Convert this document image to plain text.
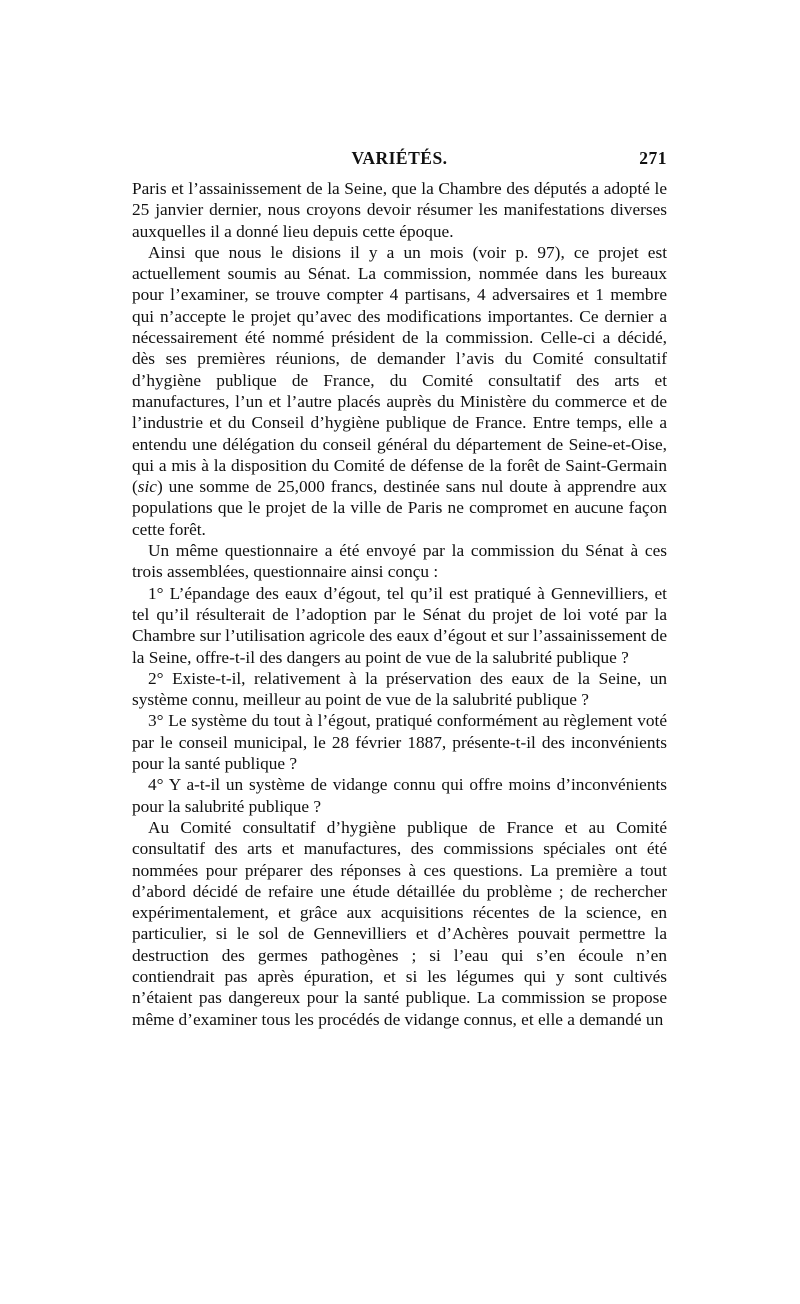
VARIÉTÉS.	271

Paris et l’assainissement de la Seine, que la Chambre des députés a adopté le 25 janvier dernier, nous croyons devoir résumer les manifestations diverses auxquelles il a donné lieu depuis cette époque.

Ainsi que nous le disions il y a un mois (voir p. 97), ce projet est actuellement soumis au Sénat. La commission, nommée dans les bureaux pour l’examiner, se trouve compter 4 partisans, 4 adversaires et 1 membre qui n’accepte le projet qu’avec des modifications importantes. Ce dernier a nécessairement été nommé président de la commission. Celle-ci a décidé, dès ses premières réunions, de demander l’avis du Comité consultatif d’hygiène publique de France, du Comité consultatif des arts et manufactures, l’un et l’autre placés auprès du Ministère du commerce et de l’industrie et du Conseil d’hygiène publique de France. Entre temps, elle a entendu une délégation du conseil général du département de Seine-et-Oise, qui a mis à la disposition du Comité de défense de la forêt de Saint-Germain (sic) une somme de 25,000 francs, destinée sans nul doute à apprendre aux populations que le projet de la ville de Paris ne compromet en aucune façon cette forêt.

Un même questionnaire a été envoyé par la commission du Sénat à ces trois assemblées, questionnaire ainsi conçu :

1° L’épandage des eaux d’égout, tel qu’il est pratiqué à Gennevilliers, et tel qu’il résulterait de l’adoption par le Sénat du projet de loi voté par la Chambre sur l’utilisation agricole des eaux d’égout et sur l’assainissement de la Seine, offre-t-il des dangers au point de vue de la salubrité publique ?

2° Existe-t-il, relativement à la préservation des eaux de la Seine, un système connu, meilleur au point de vue de la salubrité publique ?

3° Le système du tout à l’égout, pratiqué conformément au règlement voté par le conseil municipal, le 28 février 1887, présente-t-il des inconvénients pour la santé publique ?

4° Y a-t-il un système de vidange connu qui offre moins d’inconvénients pour la salubrité publique ?

Au Comité consultatif d’hygiène publique de France et au Comité consultatif des arts et manufactures, des commissions spéciales ont été nommées pour préparer des réponses à ces questions. La première a tout d’abord décidé de refaire une étude détaillée du problème ; de rechercher expérimentalement, et grâce aux acquisitions récentes de la science, en particulier, si le sol de Gennevilliers et d’Achères pouvait permettre la destruction des germes pathogènes ; si l’eau qui s’en écoule n’en contiendrait pas après épuration, et si les légumes qui y sont cultivés n’étaient pas dangereux pour la santé publique. La commission se propose même d’examiner tous les procédés de vidange connus, et elle a demandé un
